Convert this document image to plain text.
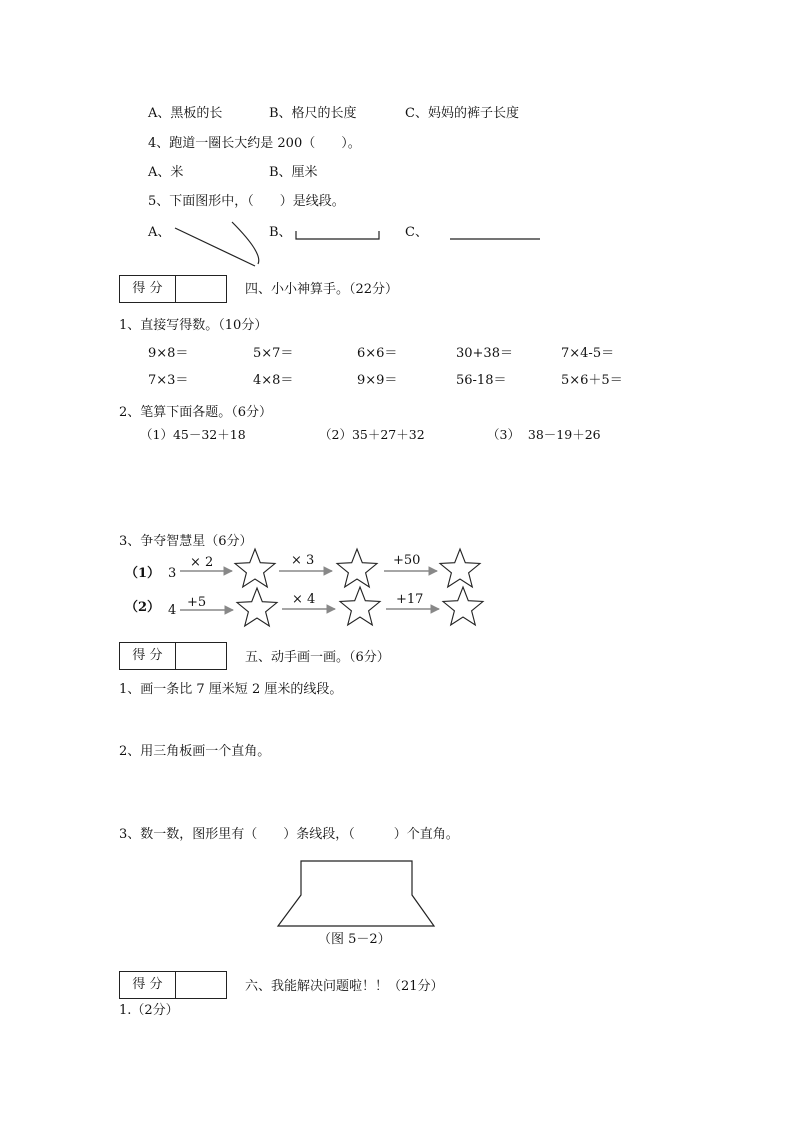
A、黑板的长	B、格尺的长度	C、妈妈的裤子长度
4、跑道一圈长大约是 200（　　）。
A、米	B、厘米
5、下面图形中，（　　）是线段。
A、	B、	C、
得 分	四、小小神算手。（22分）
1、直接写得数。（10分）
9×8＝	5×7＝	6×6＝	30+38＝	7×4-5＝
7×3＝	4×8＝	9×9＝	56-18＝	5×6＋5＝
2、笔算下面各题。（6分）
（1）45－32＋18	（2）35＋27＋32	（3）  38－19＋26
3、争夺智慧星（6分）
（1） 3
× 2	× 3	+50
（2） 4
+5	× 4	+17
得 分	五、动手画一画。（6分）
1、画一条比 7 厘米短 2 厘米的线段。
2、用三角板画一个直角。
3、数一数，图形里有（　　）条线段，（　　　）个直角。
（图 5－2）
得 分	六、我能解决问题啦！！（21分）
1.（2分）
